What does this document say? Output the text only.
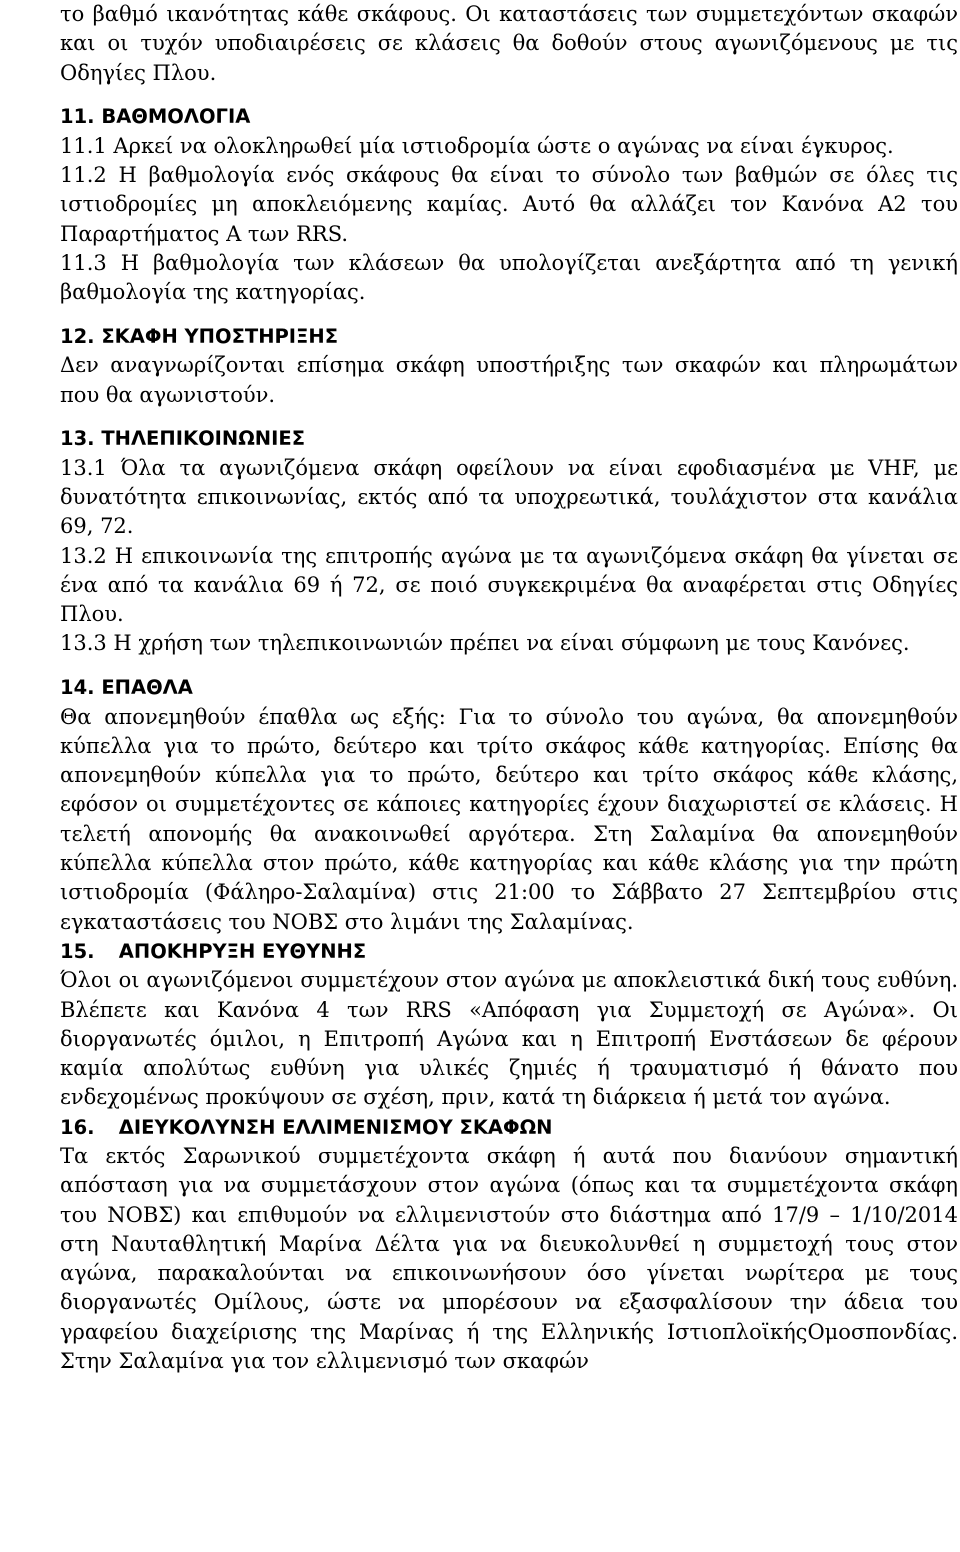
το βαθμό ικανότητας κάθε σκάφους. Οι καταστάσεις των συμμετεχόντων σκαφών και οι τυχόν υποδιαιρέσεις σε κλάσεις θα δοθούν στους αγωνιζόμενους με τις Οδηγίες Πλου.

11. ΒΑΘΜΟΛΟΓΙΑ

11.1 Αρκεί να ολοκληρωθεί μία ιστιοδρομία ώστε ο αγώνας να είναι έγκυρος.

11.2 Η βαθμολογία ενός σκάφους θα είναι το σύνολο των βαθμών σε όλες τις ιστιοδρομίες μη αποκλειόμενης καμίας. Αυτό θα αλλάζει τον Κανόνα Α2 του Παραρτήματος Α των RRS.

11.3 Η βαθμολογία των κλάσεων θα υπολογίζεται ανεξάρτητα από τη γενική βαθμολογία της κατηγορίας.

12. ΣΚΑΦΗ ΥΠΟΣΤΗΡΙΞΗΣ

Δεν αναγνωρίζονται επίσημα σκάφη υποστήριξης των σκαφών και πληρωμάτων που θα αγωνιστούν.

13. ΤΗΛΕΠΙΚΟΙΝΩΝΙΕΣ

13.1 Όλα τα αγωνιζόμενα σκάφη οφείλουν να είναι εφοδιασμένα με VHF, με δυνατότητα επικοινωνίας, εκτός από τα υποχρεωτικά, τουλάχιστον στα κανάλια 69, 72.

13.2 Η επικοινωνία της επιτροπής αγώνα με τα αγωνιζόμενα σκάφη θα γίνεται σε ένα από τα κανάλια 69 ή 72, σε ποιό συγκεκριμένα θα αναφέρεται στις Οδηγίες Πλου.

13.3 Η χρήση των τηλεπικοινωνιών πρέπει να είναι σύμφωνη με τους Κανόνες.

14. ΕΠΑΘΛΑ

Θα απονεμηθούν έπαθλα ως εξής: Για το σύνολο του αγώνα, θα απονεμηθούν κύπελλα για το πρώτο, δεύτερο και τρίτο σκάφος κάθε κατηγορίας. Επίσης θα απονεμηθούν κύπελλα για το πρώτο, δεύτερο και τρίτο σκάφος κάθε κλάσης, εφόσον οι συμμετέχοντες σε κάποιες κατηγορίες έχουν διαχωριστεί σε κλάσεις. Η τελετή απονομής θα ανακοινωθεί αργότερα. Στη Σαλαμίνα θα απονεμηθούν κύπελλα κύπελλα στον πρώτο, κάθε κατηγορίας και κάθε κλάσης για την πρώτη ιστιοδρομία (Φάληρο-Σαλαμίνα) στις 21:00 το Σάββατο 27 Σεπτεμβρίου στις εγκαταστάσεις του ΝΟΒΣ στο λιμάνι της Σαλαμίνας.

15. ΑΠΟΚΗΡΥΞΗ ΕΥΘΥΝΗΣ

Όλοι οι αγωνιζόμενοι συμμετέχουν στον αγώνα με αποκλειστικά δική τους ευθύνη. Βλέπετε και Κανόνα 4 των RRS «Απόφαση για Συμμετοχή σε Αγώνα». Οι διοργανωτές όμιλοι, η Επιτροπή Αγώνα και η Επιτροπή Ενστάσεων δε φέρουν καμία απολύτως ευθύνη για υλικές ζημιές ή τραυματισμό ή θάνατο που ενδεχομένως προκύψουν σε σχέση, πριν, κατά τη διάρκεια ή μετά τον αγώνα.

16. ΔΙΕΥΚΟΛΥΝΣΗ ΕΛΛΙΜΕΝΙΣΜΟΥ ΣΚΑΦΩΝ

Τα εκτός Σαρωνικού συμμετέχοντα σκάφη ή αυτά που διανύουν σημαντική απόσταση για να συμμετάσχουν στον αγώνα (όπως και τα συμμετέχοντα σκάφη του ΝΟΒΣ) και επιθυμούν να ελλιμενιστούν στο διάστημα από 17/9 – 1/10/2014 στη Ναυταθλητική Μαρίνα Δέλτα για να διευκολυνθεί η συμμετοχή τους στον αγώνα, παρακαλούνται να επικοινωνήσουν όσο γίνεται νωρίτερα με τους διοργανωτές Ομίλους, ώστε να μπορέσουν να εξασφαλίσουν την άδεια του γραφείου διαχείρισης της Μαρίνας ή της Ελληνικής ΙστιοπλοϊκήςΟμοσπονδίας. Στην Σαλαμίνα για τον ελλιμενισμό των σκαφών
